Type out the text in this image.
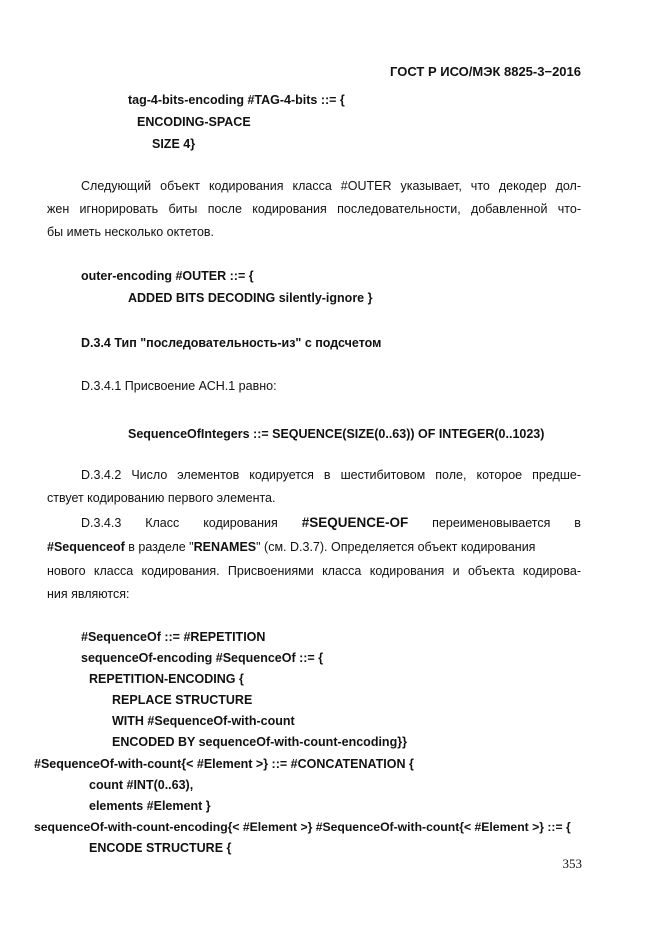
ГОСТ Р ИСО/МЭК 8825-3−2016
tag-4-bits-encoding #TAG-4-bits ::= {
ENCODING-SPACE
SIZE 4}
Следующий объект кодирования класса #OUTER указывает, что декодер дол-
жен игнорировать биты после кодирования последовательности, добавленной что-
бы иметь несколько октетов.
outer-encoding #OUTER ::= {
ADDED BITS DECODING silently-ignore }
D.3.4 Тип "последовательность-из" с подсчетом
D.3.4.1 Присвоение АСН.1 равно:
SequenceOfIntegers ::= SEQUENCE(SIZE(0..63)) OF INTEGER(0..1023)
D.3.4.2 Число элементов кодируется в шестибитовом поле, которое предше-
ствует кодированию первого элемента.
D.3.4.3 Класс кодирования #SEQUENCE-OF переименовывается в
#Sequenceof в разделе "RENAMES" (см. D.3.7). Определяется объект кодирования
нового класса кодирования. Присвоениями класса кодирования и объекта кодирова-
ния являются:
#SequenceOf ::= #REPETITION
sequenceOf-encoding #SequenceOf ::= {
REPETITION-ENCODING {
REPLACE STRUCTURE
WITH #SequenceOf-with-count
ENCODED BY sequenceOf-with-count-encoding}}
#SequenceOf-with-count{< #Element >} ::= #CONCATENATION {
count #INT(0..63),
elements #Element }
sequenceOf-with-count-encoding{< #Element >} #SequenceOf-with-count{< #Element >} ::= {
ENCODE STRUCTURE {
353
